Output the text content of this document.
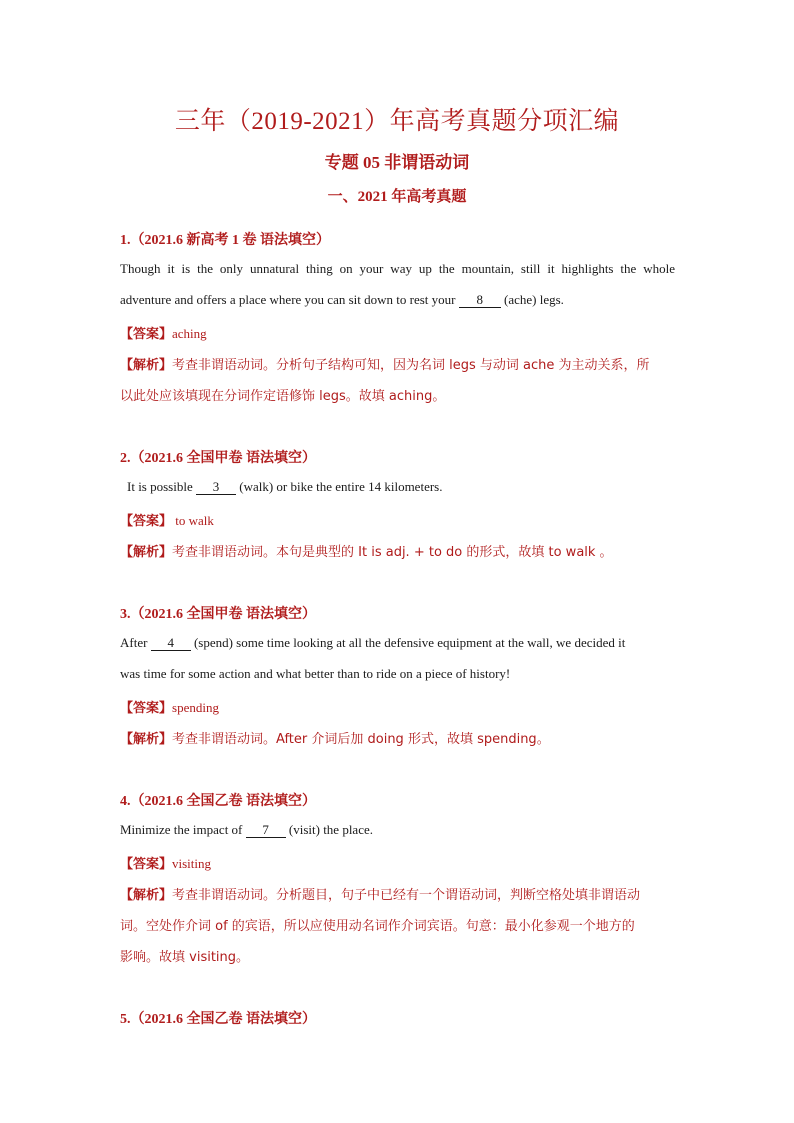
三年（2019-2021）年高考真题分项汇编
专题 05 非谓语动词
一、2021 年高考真题
1.（2021.6 新高考 1 卷 语法填空）
Though it is the only unnatural thing on your way up the mountain, still it highlights the whole
adventure and offers a place where you can sit down to rest your 8 (ache) legs.
【答案】aching
【解析】考查非谓语动词。分析句子结构可知，因为名词 legs 与动词 ache 为主动关系，所
以此处应该填现在分词作定语修饰 legs。故填 aching。
2.（2021.6 全国甲卷 语法填空）
It is possible 3 (walk) or bike the entire 14 kilometers.
【答案】 to walk
【解析】考查非谓语动词。本句是典型的 It is adj. + to do 的形式，故填 to walk 。
3.（2021.6 全国甲卷 语法填空）
After 4 (spend) some time looking at all the defensive equipment at the wall, we decided it
was time for some action and what better than to ride on a piece of history!
【答案】spending
【解析】考查非谓语动词。After 介词后加 doing 形式，故填 spending。
4.（2021.6 全国乙卷 语法填空）
Minimize the impact of 7 (visit) the place.
【答案】visiting
【解析】考查非谓语动词。分析题目，句子中已经有一个谓语动词，判断空格处填非谓语动
词。空处作介词 of 的宾语，所以应使用动名词作介词宾语。句意：最小化参观一个地方的
影响。故填 visiting。
5.（2021.6 全国乙卷 语法填空）
